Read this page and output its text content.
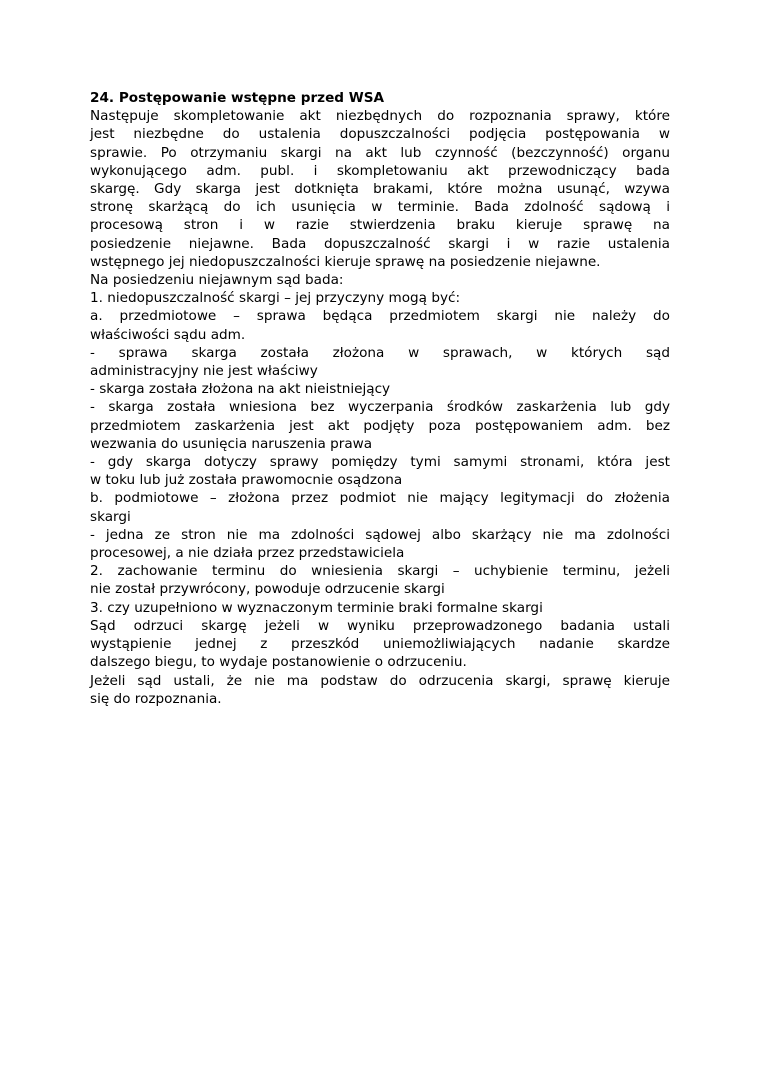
24. Postępowanie wstępne przed WSA
Następuje skompletowanie akt niezbędnych do rozpoznania sprawy, które
jest niezbędne do ustalenia dopuszczalności podjęcia postępowania w
sprawie. Po otrzymaniu skargi na akt lub czynność (bezczynność) organu
wykonującego adm. publ. i skompletowaniu akt przewodniczący bada
skargę. Gdy skarga jest dotknięta brakami, które można usunąć, wzywa
stronę skarżącą do ich usunięcia w terminie. Bada zdolność sądową i
procesową stron i w razie stwierdzenia braku kieruje sprawę na
posiedzenie niejawne. Bada dopuszczalność skargi i w razie ustalenia
wstępnego jej niedopuszczalności kieruje sprawę na posiedzenie niejawne.
Na posiedzeniu niejawnym sąd bada:
1. niedopuszczalność skargi – jej przyczyny mogą być:
a. przedmiotowe – sprawa będąca przedmiotem skargi nie należy do
właściwości sądu adm.
- sprawa skarga została złożona w sprawach, w których sąd
administracyjny nie jest właściwy
- skarga została złożona na akt nieistniejący
- skarga została wniesiona bez wyczerpania środków zaskarżenia lub gdy
przedmiotem zaskarżenia jest akt podjęty poza postępowaniem adm. bez
wezwania do usunięcia naruszenia prawa
- gdy skarga dotyczy sprawy pomiędzy tymi samymi stronami, która jest
w toku lub już została prawomocnie osądzona
b. podmiotowe – złożona przez podmiot nie mający legitymacji do złożenia
skargi
- jedna ze stron nie ma zdolności sądowej albo skarżący nie ma zdolności
procesowej, a nie działa przez przedstawiciela
2. zachowanie terminu do wniesienia skargi – uchybienie terminu, jeżeli
nie został przywrócony, powoduje odrzucenie skargi
3. czy uzupełniono w wyznaczonym terminie braki formalne skargi
Sąd odrzuci skargę jeżeli w wyniku przeprowadzonego badania ustali
wystąpienie jednej z przeszkód uniemożliwiających nadanie skardze
dalszego biegu, to wydaje postanowienie o odrzuceniu.
Jeżeli sąd ustali, że nie ma podstaw do odrzucenia skargi, sprawę kieruje
się do rozpoznania.
